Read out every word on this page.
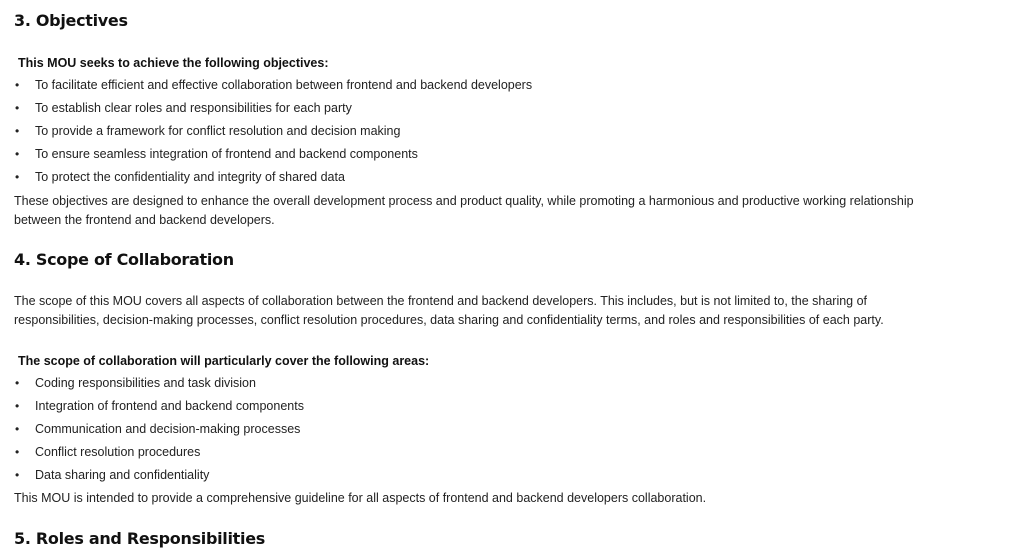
3. Objectives

This MOU seeks to achieve the following objectives:

• To facilitate efficient and effective collaboration between frontend and backend developers
• To establish clear roles and responsibilities for each party
• To provide a framework for conflict resolution and decision making
• To ensure seamless integration of frontend and backend components
• To protect the confidentiality and integrity of shared data

These objectives are designed to enhance the overall development process and product quality, while promoting a harmonious and productive working relationship between the frontend and backend developers.

4. Scope of Collaboration

The scope of this MOU covers all aspects of collaboration between the frontend and backend developers. This includes, but is not limited to, the sharing of responsibilities, decision-making processes, conflict resolution procedures, data sharing and confidentiality terms, and roles and responsibilities of each party.

The scope of collaboration will particularly cover the following areas:

• Coding responsibilities and task division
• Integration of frontend and backend components
• Communication and decision-making processes
• Conflict resolution procedures
• Data sharing and confidentiality

This MOU is intended to provide a comprehensive guideline for all aspects of frontend and backend developers collaboration.

5. Roles and Responsibilities
